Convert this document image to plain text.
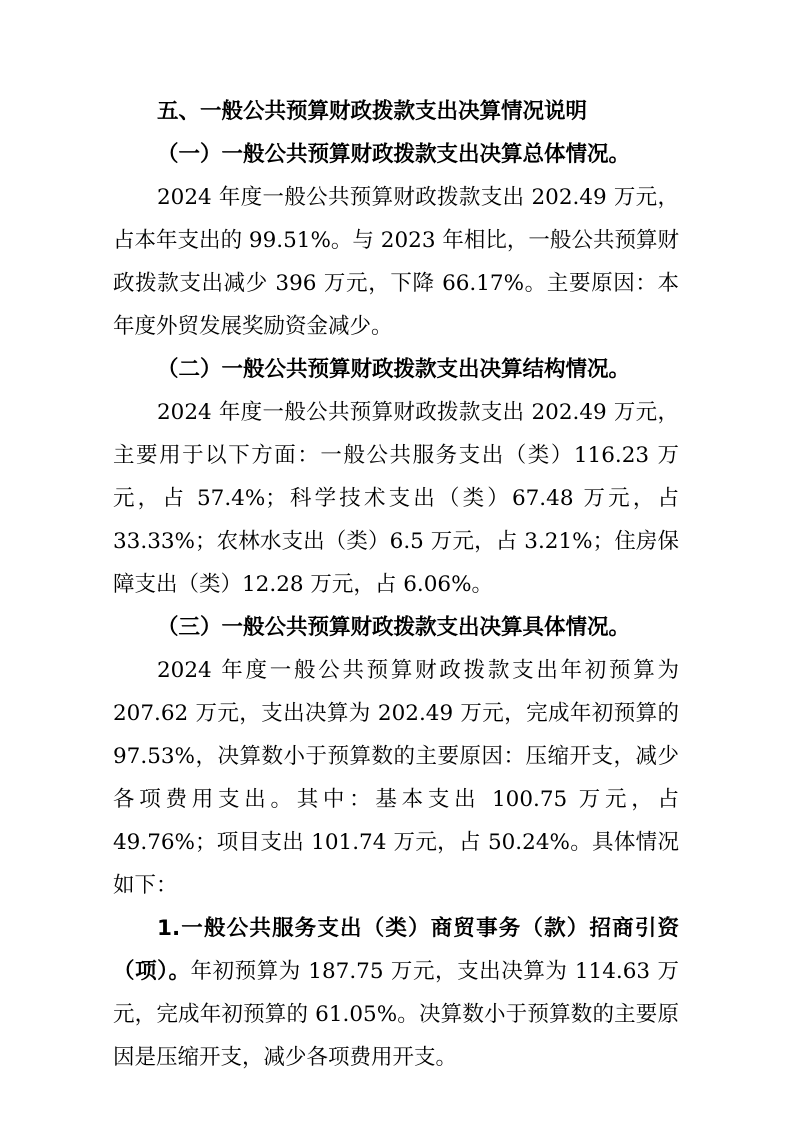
五、一般公共预算财政拨款支出决算情况说明
（一）一般公共预算财政拨款支出决算总体情况。

2024 年度一般公共预算财政拨款支出 202.49 万元，占本年支出的 99.51%。与 2023 年相比，一般公共预算财政拨款支出减少 396 万元，下降 66.17%。主要原因：本年度外贸发展奖励资金减少。

（二）一般公共预算财政拨款支出决算结构情况。

2024 年度一般公共预算财政拨款支出 202.49 万元，主要用于以下方面：一般公共服务支出（类）116.23 万元，占 57.4%；科学技术支出（类）67.48 万元，占 33.33%；农林水支出（类）6.5 万元，占 3.21%；住房保障支出（类）12.28 万元，占 6.06%。

（三）一般公共预算财政拨款支出决算具体情况。

2024 年度一般公共预算财政拨款支出年初预算为 207.62 万元，支出决算为 202.49 万元，完成年初预算的 97.53%，决算数小于预算数的主要原因：压缩开支，减少各项费用支出。其中：基本支出 100.75 万元，占 49.76%；项目支出 101.74 万元，占 50.24%。具体情况如下：

1.一般公共服务支出（类）商贸事务（款）招商引资（项）。年初预算为 187.75 万元，支出决算为 114.63 万元，完成年初预算的 61.05%。决算数小于预算数的主要原因是压缩开支，减少各项费用开支。
